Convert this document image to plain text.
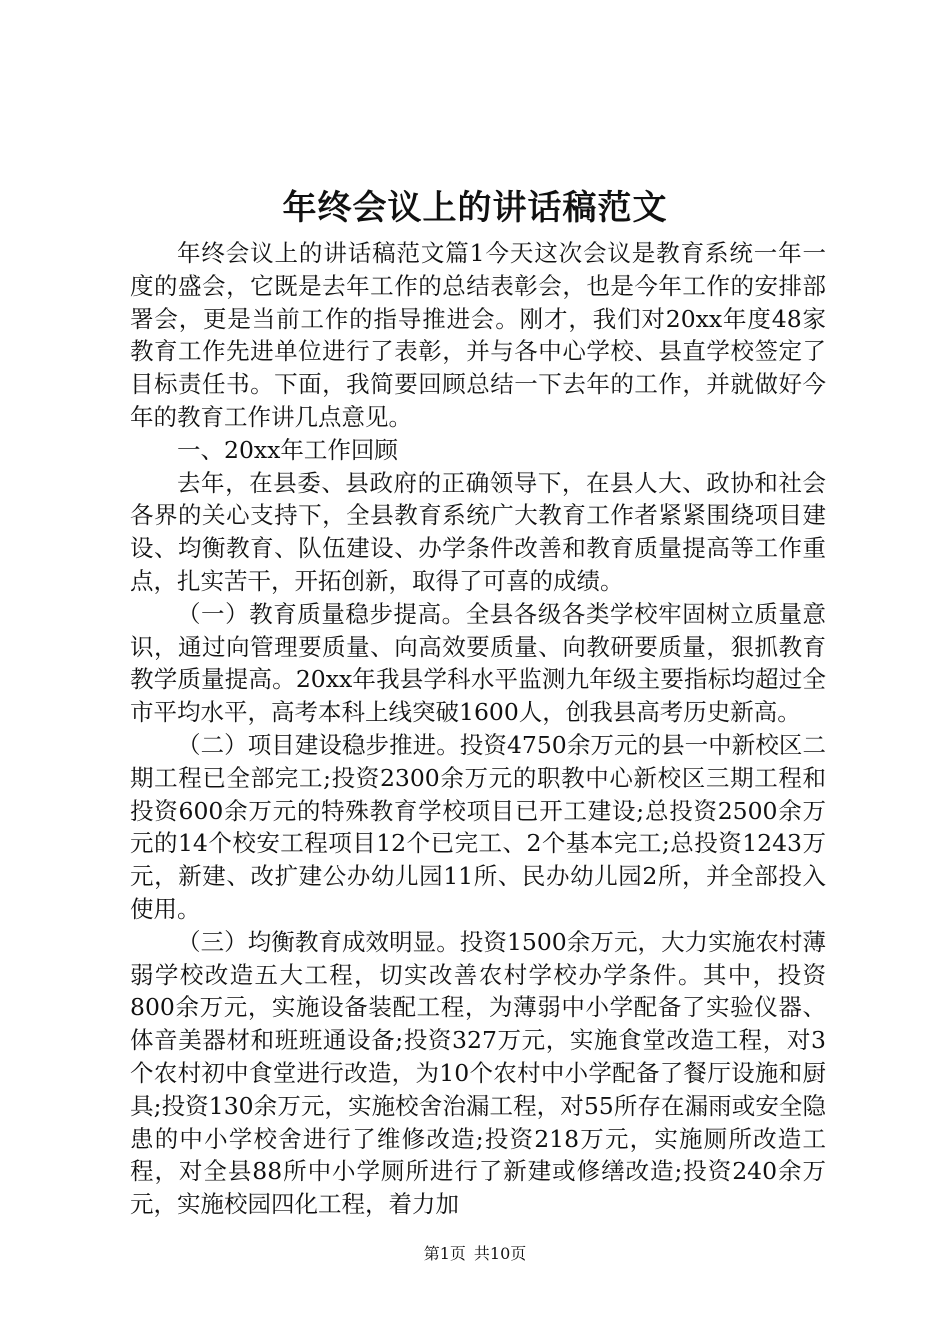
年终会议上的讲话稿范文

年终会议上的讲话稿范文篇1今天这次会议是教育系统一年一度的盛会，它既是去年工作的总结表彰会，也是今年工作的安排部署会，更是当前工作的指导推进会。刚才，我们对20xx年度48家教育工作先进单位进行了表彰，并与各中心学校、县直学校签定了目标责任书。下面，我简要回顾总结一下去年的工作，并就做好今年的教育工作讲几点意见。

一、20xx年工作回顾

去年，在县委、县政府的正确领导下，在县人大、政协和社会各界的关心支持下，全县教育系统广大教育工作者紧紧围绕项目建设、均衡教育、队伍建设、办学条件改善和教育质量提高等工作重点，扎实苦干，开拓创新，取得了可喜的成绩。

（一）教育质量稳步提高。全县各级各类学校牢固树立质量意识，通过向管理要质量、向高效要质量、向教研要质量，狠抓教育教学质量提高。20xx年我县学科水平监测九年级主要指标均超过全市平均水平，高考本科上线突破1600人，创我县高考历史新高。

（二）项目建设稳步推进。投资4750余万元的县一中新校区二期工程已全部完工;投资2300余万元的职教中心新校区三期工程和投资600余万元的特殊教育学校项目已开工建设;总投资2500余万元的14个校安工程项目12个已完工、2个基本完工;总投资1243万元，新建、改扩建公办幼儿园11所、民办幼儿园2所，并全部投入使用。

（三）均衡教育成效明显。投资1500余万元，大力实施农村薄弱学校改造五大工程，切实改善农村学校办学条件。其中，投资800余万元，实施设备装配工程，为薄弱中小学配备了实验仪器、体音美器材和班班通设备;投资327万元，实施食堂改造工程，对3个农村初中食堂进行改造，为10个农村中小学配备了餐厅设施和厨具;投资130余万元，实施校舍治漏工程，对55所存在漏雨或安全隐患的中小学校舍进行了维修改造;投资218万元，实施厕所改造工程，对全县88所中小学厕所进行了新建或修缮改造;投资240余万元，实施校园四化工程，着力加

第1页 共10页
